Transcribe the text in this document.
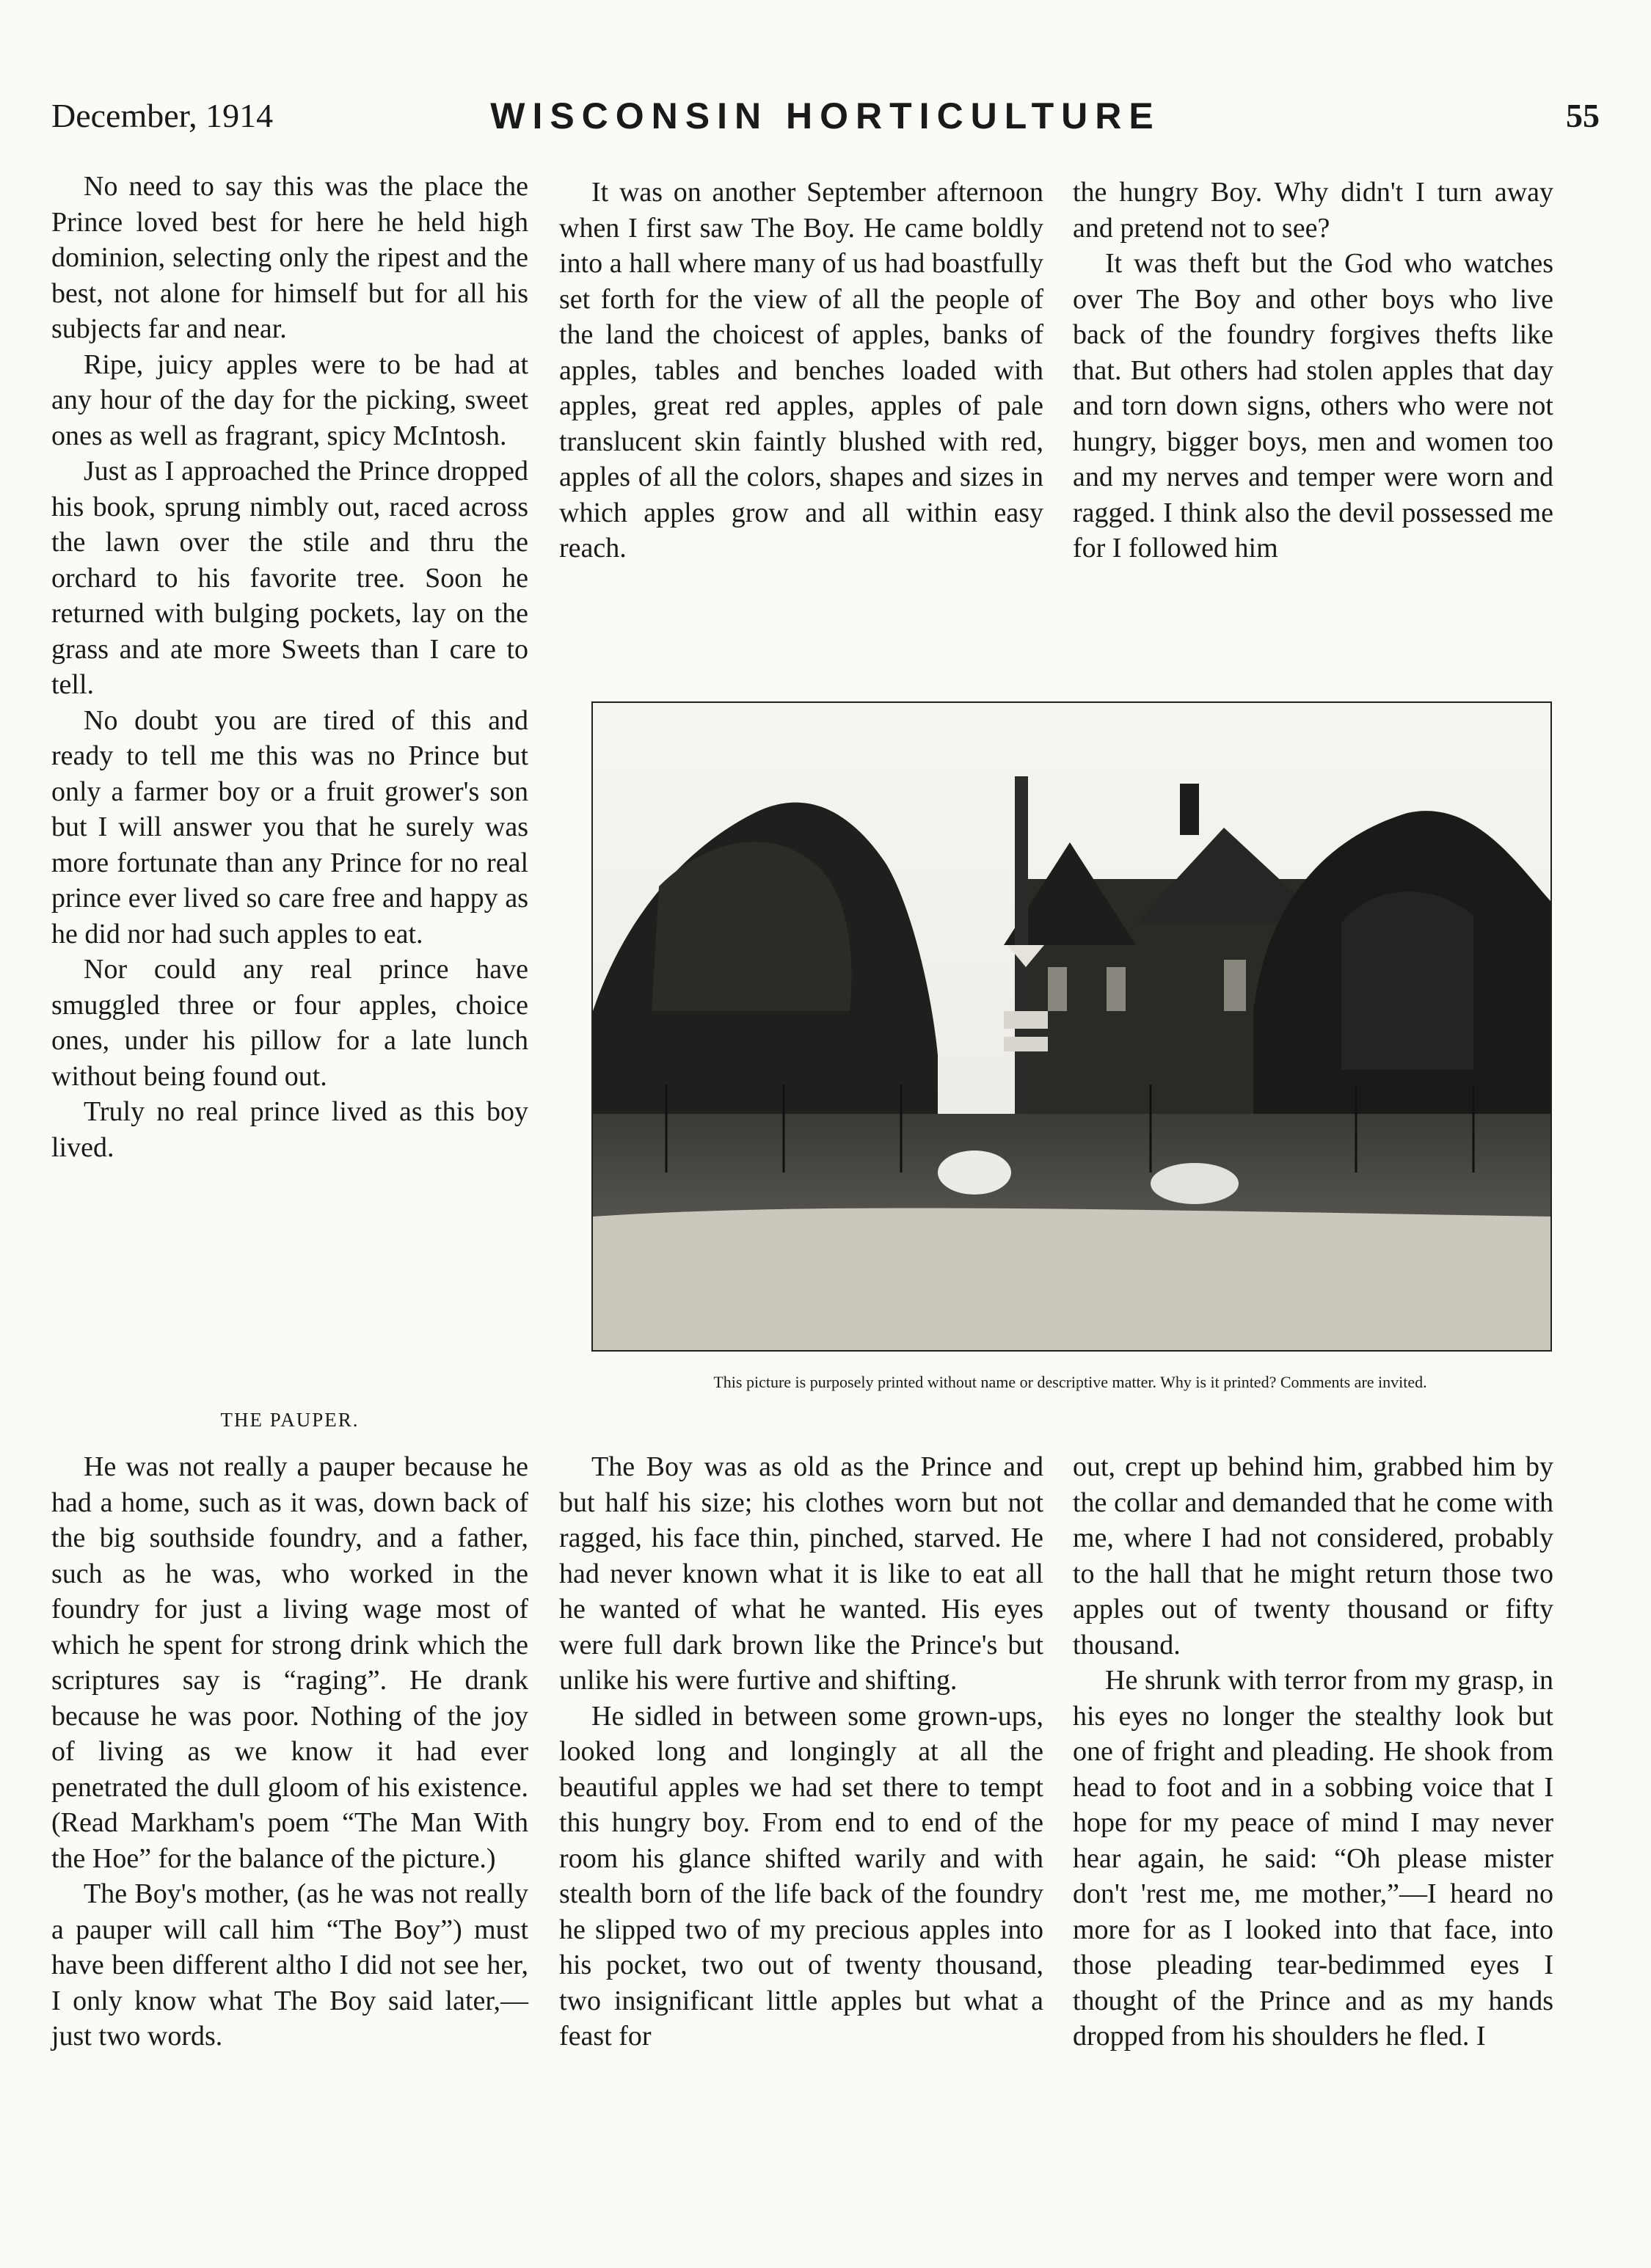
December, 1914	WISCONSIN HORTICULTURE	55

No need to say this was the place the Prince loved best for here he held high dominion, selecting only the ripest and the best, not alone for himself but for all his subjects far and near.

Ripe, juicy apples were to be had at any hour of the day for the picking, sweet ones as well as fragrant, spicy McIntosh.

Just as I approached the Prince dropped his book, sprung nimbly out, raced across the lawn over the stile and thru the orchard to his favorite tree. Soon he returned with bulging pockets, lay on the grass and ate more Sweets than I care to tell.

No doubt you are tired of this and ready to tell me this was no Prince but only a farmer boy or a fruit grower's son but I will answer you that he surely was more fortunate than any Prince for no real prince ever lived so care free and happy as he did nor had such apples to eat.

Nor could any real prince have smuggled three or four apples, choice ones, under his pillow for a late lunch without being found out.

Truly no real prince lived as this boy lived.

It was on another September afternoon when I first saw The Boy. He came boldly into a hall where many of us had boastfully set forth for the view of all the people of the land the choicest of apples, banks of apples, tables and benches loaded with apples, great red apples, apples of pale translucent skin faintly blushed with red, apples of all the colors, shapes and sizes in which apples grow and all within easy reach.

the hungry Boy. Why didn't I turn away and pretend not to see?

It was theft but the God who watches over The Boy and other boys who live back of the foundry forgives thefts like that. But others had stolen apples that day and torn down signs, others who were not hungry, bigger boys, men and women too and my nerves and temper were worn and ragged. I think also the devil possessed me for I followed him

This picture is purposely printed without name or descriptive matter. Why is it printed? Comments are invited.
THE PAUPER.

He was not really a pauper because he had a home, such as it was, down back of the big southside foundry, and a father, such as he was, who worked in the foundry for just a living wage most of which he spent for strong drink which the scriptures say is “raging”. He drank because he was poor. Nothing of the joy of living as we know it had ever penetrated the dull gloom of his existence. (Read Markham's poem “The Man With the Hoe” for the balance of the picture.)

The Boy's mother, (as he was not really a pauper will call him “The Boy”) must have been different altho I did not see her, I only know what The Boy said later,—just two words.

The Boy was as old as the Prince and but half his size; his clothes worn but not ragged, his face thin, pinched, starved. He had never known what it is like to eat all he wanted of what he wanted. His eyes were full dark brown like the Prince's but unlike his were furtive and shifting.

He sidled in between some grown-ups, looked long and longingly at all the beautiful apples we had set there to tempt this hungry boy. From end to end of the room his glance shifted warily and with stealth born of the life back of the foundry he slipped two of my precious apples into his pocket, two out of twenty thousand, two insignificant little apples but what a feast for

out, crept up behind him, grabbed him by the collar and demanded that he come with me, where I had not considered, probably to the hall that he might return those two apples out of twenty thousand or fifty thousand.

He shrunk with terror from my grasp, in his eyes no longer the stealthy look but one of fright and pleading. He shook from head to foot and in a sobbing voice that I hope for my peace of mind I may never hear again, he said: “Oh please mister don't 'rest me, me mother,”—I heard no more for as I looked into that face, into those pleading tear-bedimmed eyes I thought of the Prince and as my hands dropped from his shoulders he fled. I
